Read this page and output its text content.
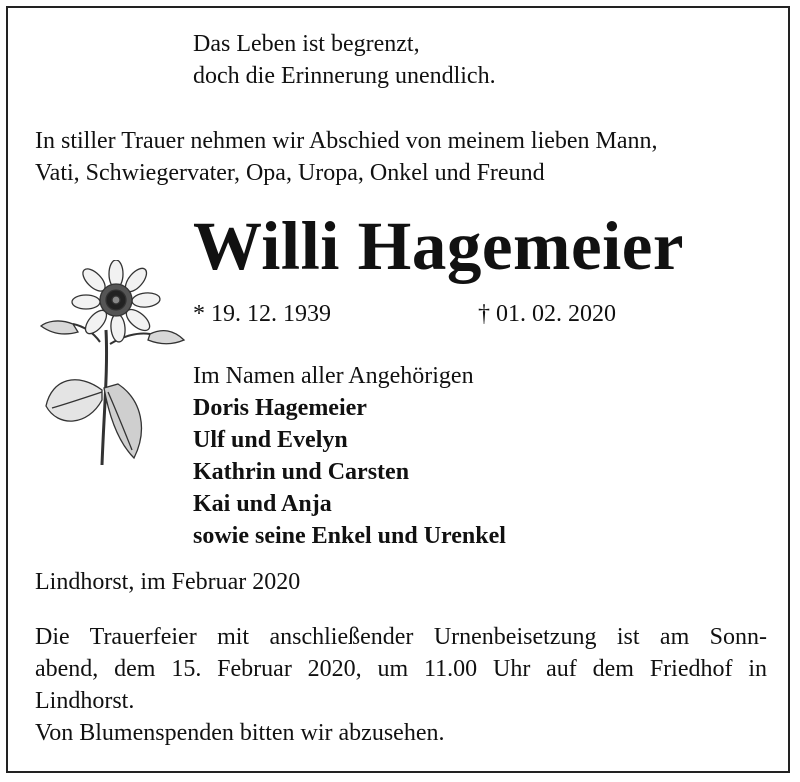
Das Leben ist begrenzt,
doch die Erinnerung unendlich.
In stiller Trauer nehmen wir Abschied von meinem lieben Mann,
Vati, Schwiegervater, Opa, Uropa, Onkel und Freund
Willi Hagemeier
* 19. 12. 1939	† 01. 02. 2020
Im Namen aller Angehörigen
Doris Hagemeier
Ulf und Evelyn
Kathrin und Carsten
Kai und Anja
sowie seine Enkel und Urenkel
Lindhorst, im Februar 2020
Die Trauerfeier mit anschließender Urnenbeisetzung ist am Sonn-
abend, dem 15. Februar 2020, um 11.00 Uhr auf dem Friedhof in
Lindhorst.
Von Blumenspenden bitten wir abzusehen.
